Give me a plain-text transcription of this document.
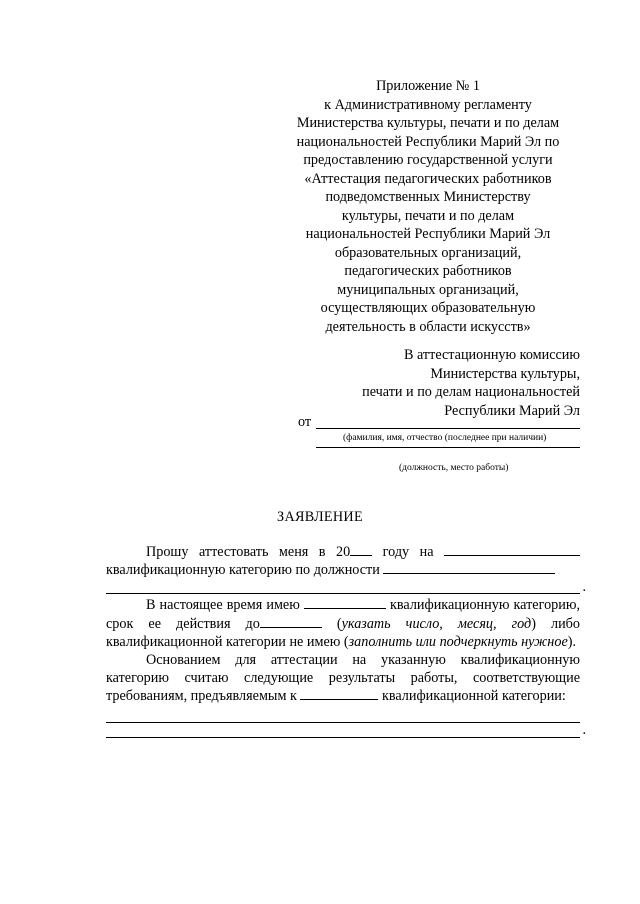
Приложение № 1
к Административному регламенту
Министерства культуры, печати и по делам
национальностей Республики Марий Эл по
предоставлению государственной услуги
«Аттестация педагогических работников
подведомственных Министерству
культуры, печати и по делам
национальностей Республики Марий Эл
образовательных организаций,
педагогических работников
муниципальных организаций,
осуществляющих образовательную
деятельность в области искусств»
В аттестационную комиссию
Министерства культуры,
печати и по делам национальностей
Республики Марий Эл
от
(фамилия, имя, отчество (последнее при наличии)
(должность, место работы)
ЗАЯВЛЕНИЕ
Прошу аттестовать меня в 20 году на  квалификационную категорию по должности
.
В настоящее время имею	квалификационную категорию, срок ее действия до	(указать число, месяц, год) либо квалификационной категории не имею (заполнить или подчеркнуть нужное).
Основанием для аттестации на указанную квалификационную категорию считаю следующие результаты работы, соответствующие требованиям, предъявляемым к	квалификационной категории:
.
